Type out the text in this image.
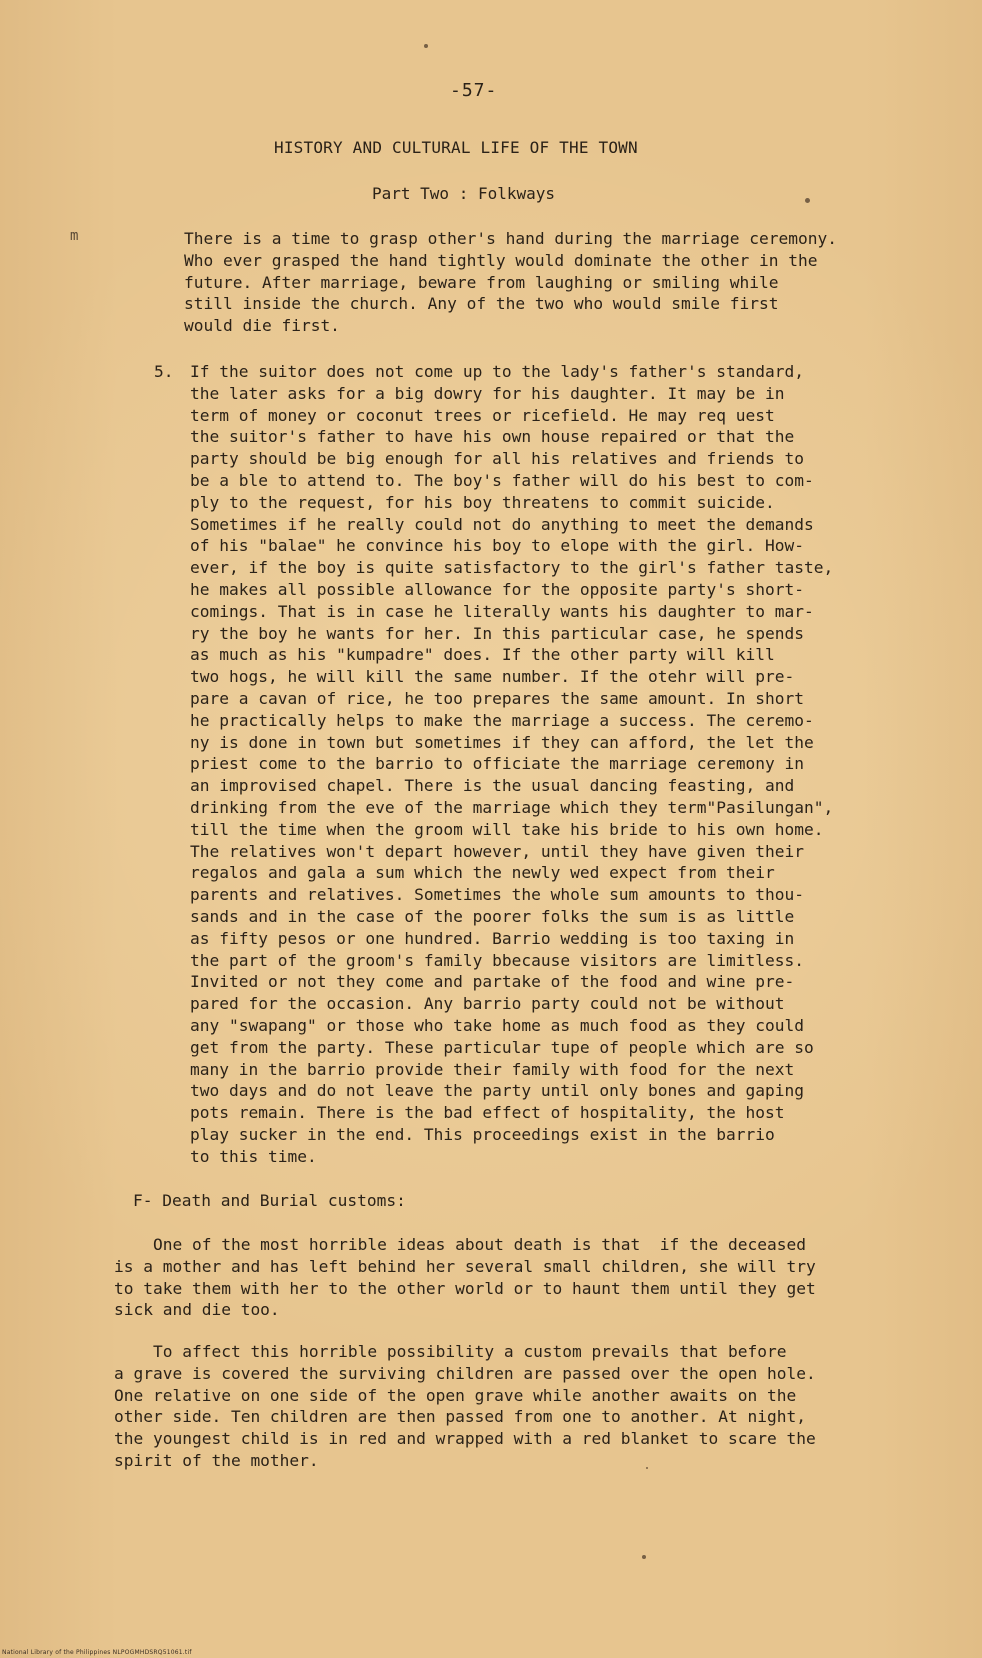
-57-
HISTORY AND CULTURAL LIFE OF THE TOWN
Part Two : Folkways
m	There is a time to grasp other's hand during the marriage ceremony.
Who ever grasped the hand tightly would dominate the other in the
future. After marriage, beware from laughing or smiling while
still inside the church. Any of the two who would smile first
would die first.
5. If the suitor does not come up to the lady's father's standard,
the later asks for a big dowry for his daughter. It may be in
term of money or coconut trees or ricefield. He may req uest
the suitor's father to have his own house repaired or that the
party should be big enough for all his relatives and friends to
be a ble to attend to. The boy's father will do his best to com-
ply to the request, for his boy threatens to commit suicide.
Sometimes if he really could not do anything to meet the demands
of his "balae" he convince his boy to elope with the girl. How-
ever, if the boy is quite satisfactory to the girl's father taste,
he makes all possible allowance for the opposite party's short-
comings. That is in case he literally wants his daughter to mar-
ry the boy he wants for her. In this particular case, he spends
as much as his "kumpadre" does. If the other party will kill
two hogs, he will kill the same number. If the otehr will pre-
pare a cavan of rice, he too prepares the same amount. In short
he practically helps to make the marriage a success. The ceremo-
ny is done in town but sometimes if they can afford, the let the
priest come to the barrio to officiate the marriage ceremony in
an improvised chapel. There is the usual dancing feasting, and
drinking from the eve of the marriage which they term"Pasilungan",
till the time when the groom will take his bride to his own home.
The relatives won't depart however, until they have given their
regalos and gala a sum which the newly wed expect from their
parents and relatives. Sometimes the whole sum amounts to thou-
sands and in the case of the poorer folks the sum is as little
as fifty pesos or one hundred. Barrio wedding is too taxing in
the part of the groom's family bbecause visitors are limitless.
Invited or not they come and partake of the food and wine pre-
pared for the occasion. Any barrio party could not be without
any "swapang" or those who take home as much food as they could
get from the party. These particular tupe of people which are so
many in the barrio provide their family with food for the next
two days and do not leave the party until only bones and gaping
pots remain. There is the bad effect of hospitality, the host
play sucker in the end. This proceedings exist in the barrio
to this time.
F- Death and Burial customs:
One of the most horrible ideas about death is that  if the deceased
is a mother and has left behind her several small children, she will try
to take them with her to the other world or to haunt them until they get
sick and die too.
To affect this horrible possibility a custom prevails that before
a grave is covered the surviving children are passed over the open hole.
One relative on one side of the open grave while another awaits on the
other side. Ten children are then passed from one to another. At night,
the youngest child is in red and wrapped with a red blanket to scare the
spirit of the mother.
National Library of the Philippines NLPOGMHDSRQ51061.tif
